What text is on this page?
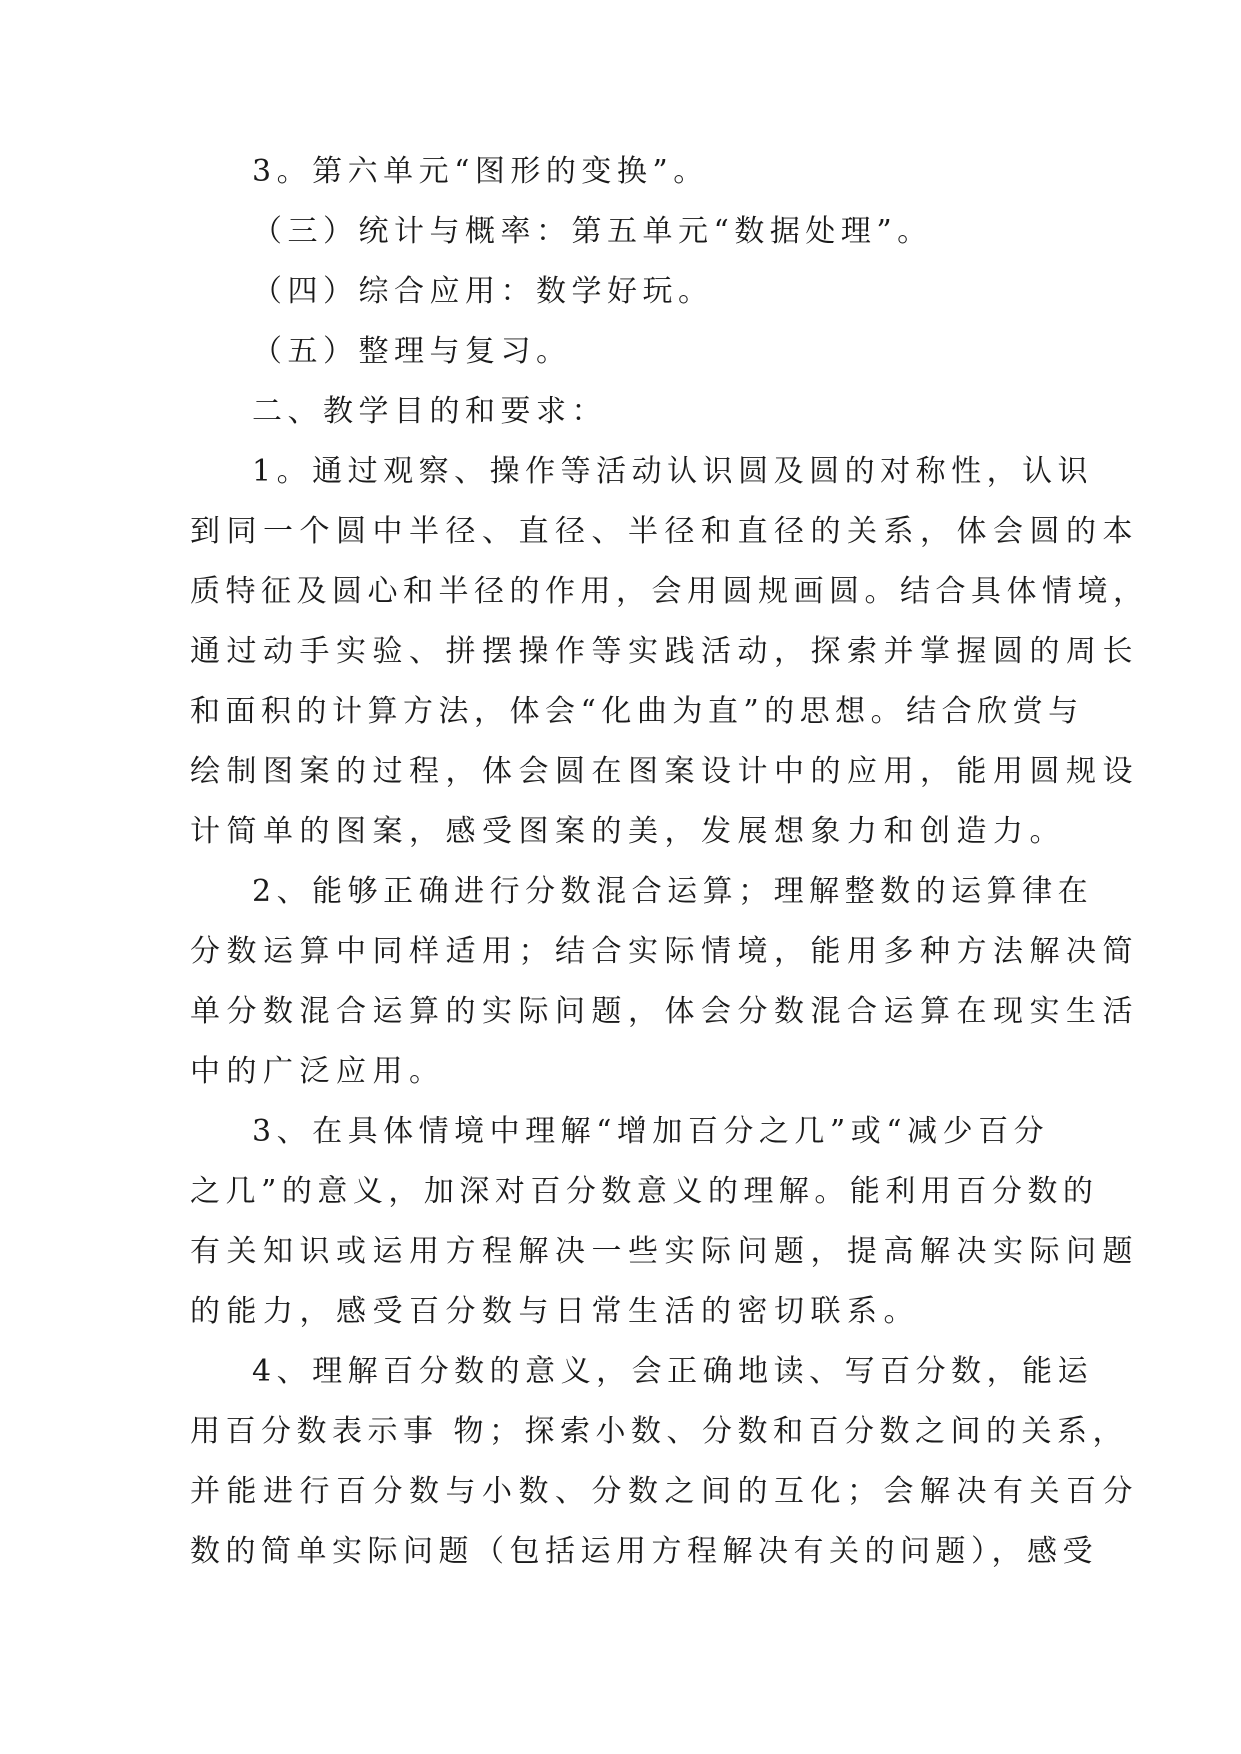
3。第六单元“图形的变换”。
（三）统计与概率：第五单元“数据处理”。
（四）综合应用：数学好玩。
（五）整理与复习。
二、教学目的和要求：
1。通过观察、操作等活动认识圆及圆的对称性，认识
到同一个圆中半径、直径、半径和直径的关系，体会圆的本
质特征及圆心和半径的作用，会用圆规画圆。结合具体情境，
通过动手实验、拼摆操作等实践活动，探索并掌握圆的周长
和面积的计算方法，体会“化曲为直”的思想。结合欣赏与
绘制图案的过程，体会圆在图案设计中的应用，能用圆规设
计简单的图案，感受图案的美，发展想象力和创造力。
2、能够正确进行分数混合运算；理解整数的运算律在
分数运算中同样适用；结合实际情境，能用多种方法解决简
单分数混合运算的实际问题，体会分数混合运算在现实生活
中的广泛应用。
3、在具体情境中理解“增加百分之几”或“减少百分
之几”的意义，加深对百分数意义的理解。能利用百分数的
有关知识或运用方程解决一些实际问题，提高解决实际问题
的能力，感受百分数与日常生活的密切联系。
4、理解百分数的意义，会正确地读、写百分数，能运
用百分数表示事 物；探索小数、分数和百分数之间的关系，
并能进行百分数与小数、分数之间的互化；会解决有关百分
数的简单实际问题（包括运用方程解决有关的问题），感受
